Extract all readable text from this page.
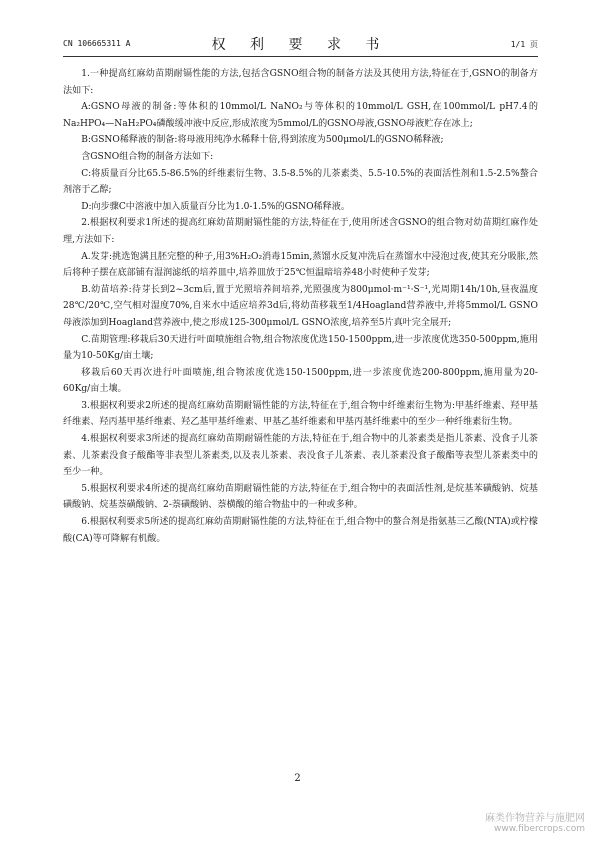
CN 106665311 A	权 利 要 求 书	1/1 页

1.一种提高红麻幼苗期耐镉性能的方法,包括含GSNO组合物的制备方法及其使用方法,特征在于,GSNO的制备方法如下:

A:GSNO母液的制备:等体积的10mmol/L NaNO₂与等体积的10mmol/L GSH,在100mmol/L pH7.4的Na₂HPO₄—NaH₂PO₄磷酸缓冲液中反应,形成浓度为5mmol/L的GSNO母液,GSNO母液贮存在冰上;

B:GSNO稀释液的制备:将母液用纯净水稀释十倍,得到浓度为500μmol/L的GSNO稀释液;

含GSNO组合物的制备方法如下:

C:将质量百分比65.5-86.5%的纤维素衍生物、3.5-8.5%的儿茶素类、5.5-10.5%的表面活性剂和1.5-2.5%螯合剂溶于乙醇;

D:向步骤C中溶液中加入质量百分比为1.0-1.5%的GSNO稀释液。

2.根据权利要求1所述的提高红麻幼苗期耐镉性能的方法,特征在于,使用所述含GSNO的组合物对幼苗期红麻作处理,方法如下:

A.发芽:挑选饱满且胚完整的种子,用3%H₂O₂消毒15min,蒸馏水反复冲洗后在蒸馏水中浸泡过夜,使其充分吸胀,然后将种子摆在底部铺有湿润滤纸的培养皿中,培养皿放于25℃恒温暗培养48小时使种子发芽;

B.幼苗培养:待芽长到2~3cm后,置于光照培养间培养,光照强度为800μmol·m⁻¹·S⁻¹,光周期14h/10h,昼夜温度28℃/20℃,空气相对湿度70%,自来水中适应培养3d后,将幼苗移栽至1/4Hoagland营养液中,并将5mmol/L GSNO母液添加到Hoagland营养液中,使之形成125-300μmol/L GSNO浓度,培养至5片真叶完全展开;

C.苗期管理:移栽后30天进行叶面喷施组合物,组合物浓度优选150-1500ppm,进一步浓度优选350-500ppm,施用量为10-50Kg/亩土壤;

移栽后60天再次进行叶面喷施,组合物浓度优选150-1500ppm,进一步浓度优选200-800ppm,施用量为20-60Kg/亩土壤。

3.根据权利要求2所述的提高红麻幼苗期耐镉性能的方法,特征在于,组合物中纤维素衍生物为:甲基纤维素、羟甲基纤维素、羟丙基甲基纤维素、羟乙基甲基纤维素、甲基乙基纤维素和甲基丙基纤维素中的至少一种纤维素衍生物。

4.根据权利要求3所述的提高红麻幼苗期耐镉性能的方法,特征在于,组合物中的儿茶素类是指儿茶素、没食子儿茶素、儿茶素没食子酸酯等非表型儿茶素类,以及表儿茶素、表没食子儿茶素、表儿茶素没食子酸酯等表型儿茶素类中的至少一种。

5.根据权利要求4所述的提高红麻幼苗期耐镉性能的方法,特征在于,组合物中的表面活性剂,是烷基苯磺酸钠、烷基磺酸钠、烷基萘磺酸钠、2-萘磺酸钠、萘横酸的缩合物盐中的一种或多种。

6.根据权利要求5所述的提高红麻幼苗期耐镉性能的方法,特征在于,组合物中的螯合剂是指氨基三乙酸(NTA)或柠檬酸(CA)等可降解有机酸。

2
麻类作物营养与施肥网
www.fibercrops.com
